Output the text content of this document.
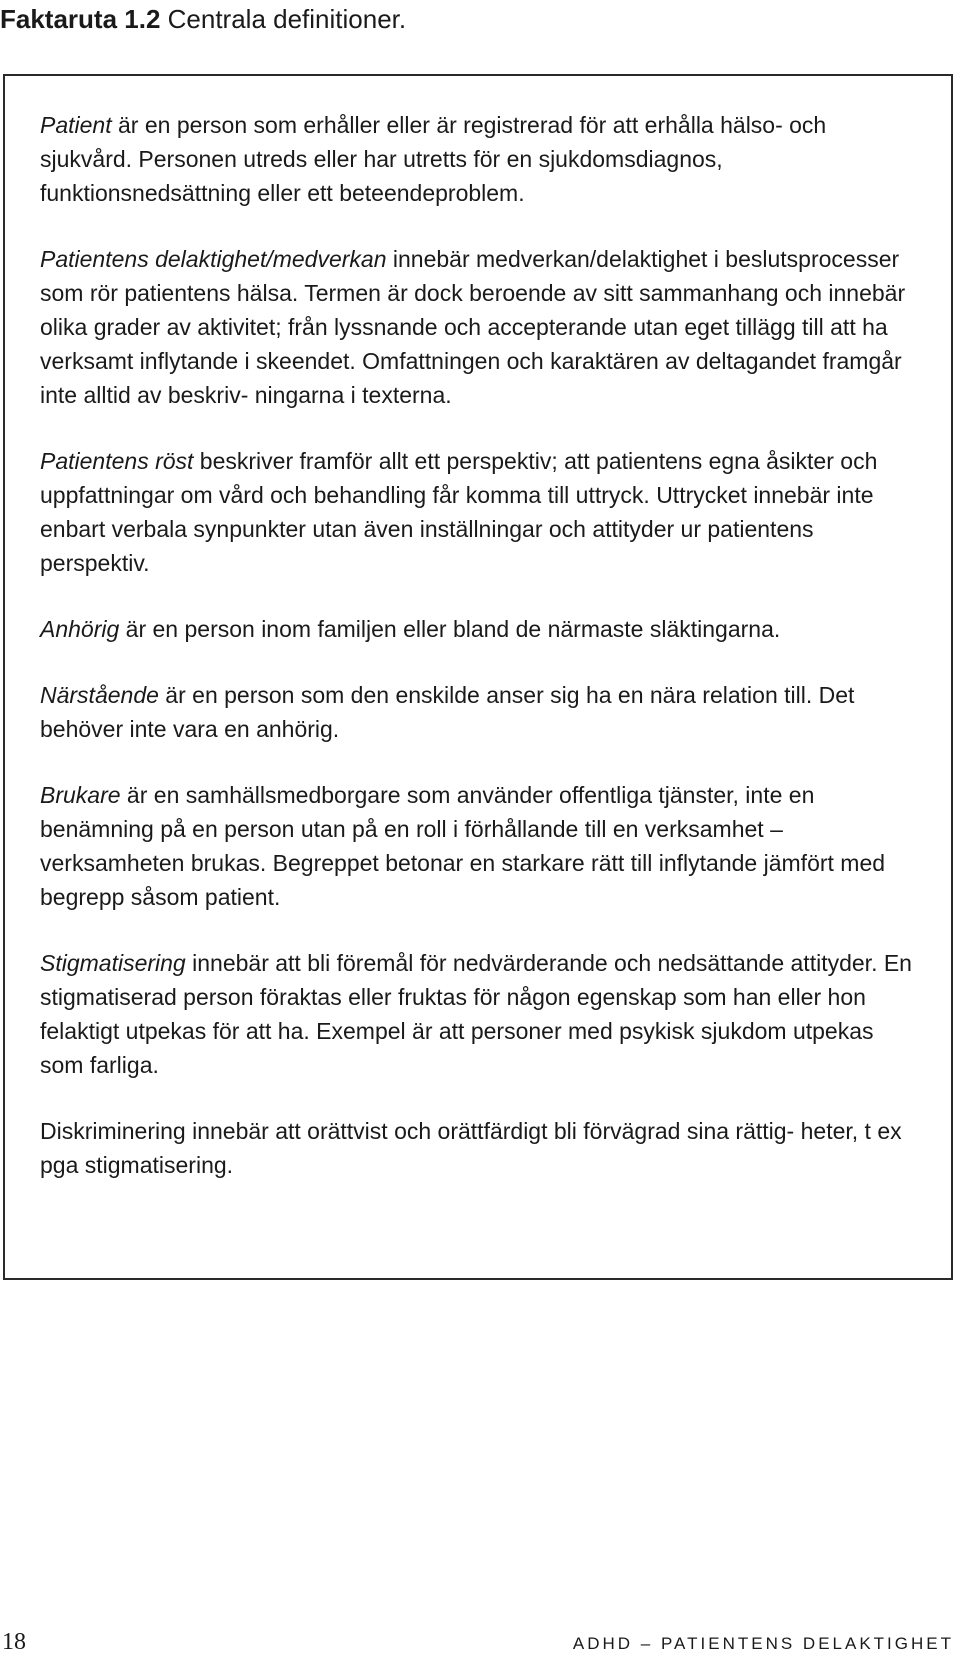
Faktaruta 1.2 Centrala definitioner.

Patient är en person som erhåller eller är registrerad för att erhålla hälso- och sjukvård. Personen utreds eller har utretts för en sjukdomsdiagnos, funktionsnedsättning eller ett beteendeproblem.

Patientens delaktighet/medverkan innebär medverkan/delaktighet i beslutsprocesser som rör patientens hälsa. Termen är dock beroende av sitt sammanhang och innebär olika grader av aktivitet; från lyssnande och accepterande utan eget tillägg till att ha verksamt inflytande i skeendet. Omfattningen och karaktären av deltagandet framgår inte alltid av beskriv- ningarna i texterna.

Patientens röst beskriver framför allt ett perspektiv; att patientens egna åsikter och uppfattningar om vård och behandling får komma till uttryck. Uttrycket innebär inte enbart verbala synpunkter utan även inställningar och attityder ur patientens perspektiv.

Anhörig är en person inom familjen eller bland de närmaste släktingarna.

Närstående är en person som den enskilde anser sig ha en nära relation till. Det behöver inte vara en anhörig.

Brukare är en samhällsmedborgare som använder offentliga tjänster, inte en benämning på en person utan på en roll i förhållande till en verksamhet – verksamheten brukas. Begreppet betonar en starkare rätt till inflytande jämfört med begrepp såsom patient.

Stigmatisering innebär att bli föremål för nedvärderande och nedsättande attityder. En stigmatiserad person föraktas eller fruktas för någon egenskap som han eller hon felaktigt utpekas för att ha. Exempel är att personer med psykisk sjukdom utpekas som farliga.

Diskriminering innebär att orättvist och orättfärdigt bli förvägrad sina rättig- heter, t ex pga stigmatisering.

18	ADHD – PATIENTENS DELAKTIGHET
